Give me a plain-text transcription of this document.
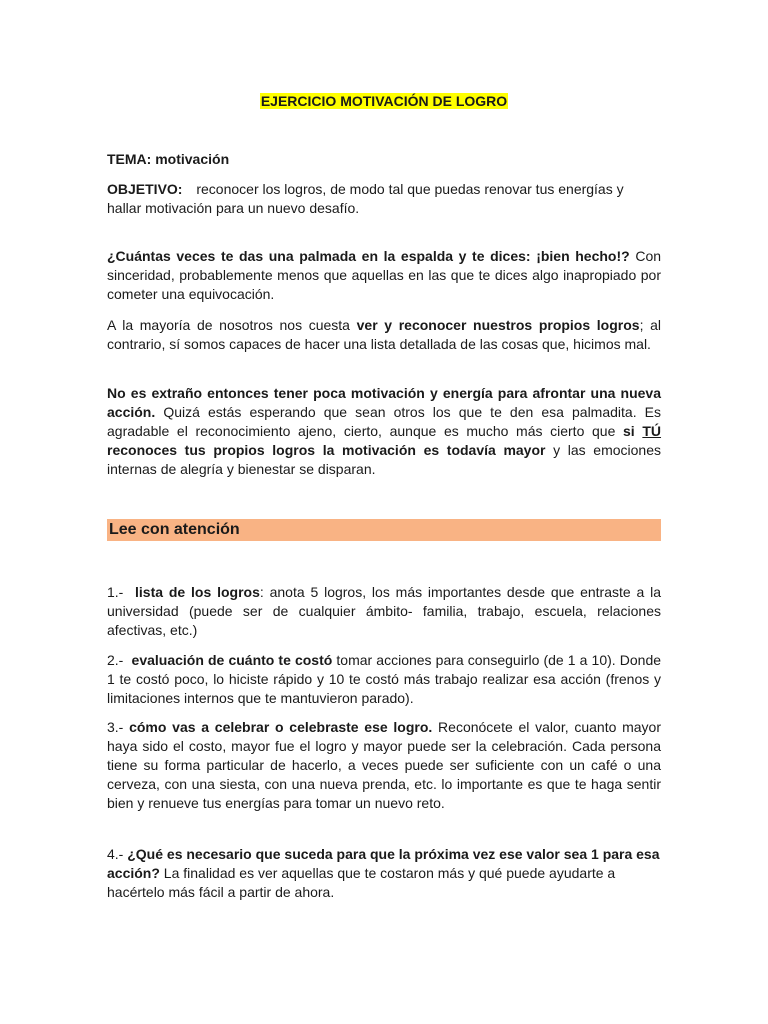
EJERCICIO MOTIVACIÓN DE LOGRO
TEMA: motivación
OBJETIVO: reconocer los logros, de modo tal que puedas renovar tus energías y hallar motivación para un nuevo desafío.
¿Cuántas veces te das una palmada en la espalda y te dices: ¡bien hecho!? Con sinceridad, probablemente menos que aquellas en las que te dices algo inapropiado por cometer una equivocación.
A la mayoría de nosotros nos cuesta ver y reconocer nuestros propios logros; al contrario, sí somos capaces de hacer una lista detallada de las cosas que, hicimos mal.
No es extraño entonces tener poca motivación y energía para afrontar una nueva acción. Quizá estás esperando que sean otros los que te den esa palmadita. Es agradable el reconocimiento ajeno, cierto, aunque es mucho más cierto que si TÚ reconoces tus propios logros la motivación es todavía mayor y las emociones internas de alegría y bienestar se disparan.
Lee con atención
1.- lista de los logros: anota 5 logros, los más importantes desde que entraste a la universidad (puede ser de cualquier ámbito- familia, trabajo, escuela, relaciones afectivas, etc.)
2.- evaluación de cuánto te costó tomar acciones para conseguirlo (de 1 a 10). Donde 1 te costó poco, lo hiciste rápido y 10 te costó más trabajo realizar esa acción (frenos y limitaciones internos que te mantuvieron parado).
3.- cómo vas a celebrar o celebraste ese logro. Reconócete el valor, cuanto mayor haya sido el costo, mayor fue el logro y mayor puede ser la celebración. Cada persona tiene su forma particular de hacerlo, a veces puede ser suficiente con un café o una cerveza, con una siesta, con una nueva prenda, etc. lo importante es que te haga sentir bien y renueve tus energías para tomar un nuevo reto.
4.- ¿Qué es necesario que suceda para que la próxima vez ese valor sea 1 para esa acción? La finalidad es ver aquellas que te costaron más y qué puede ayudarte a hacértelo más fácil a partir de ahora.
